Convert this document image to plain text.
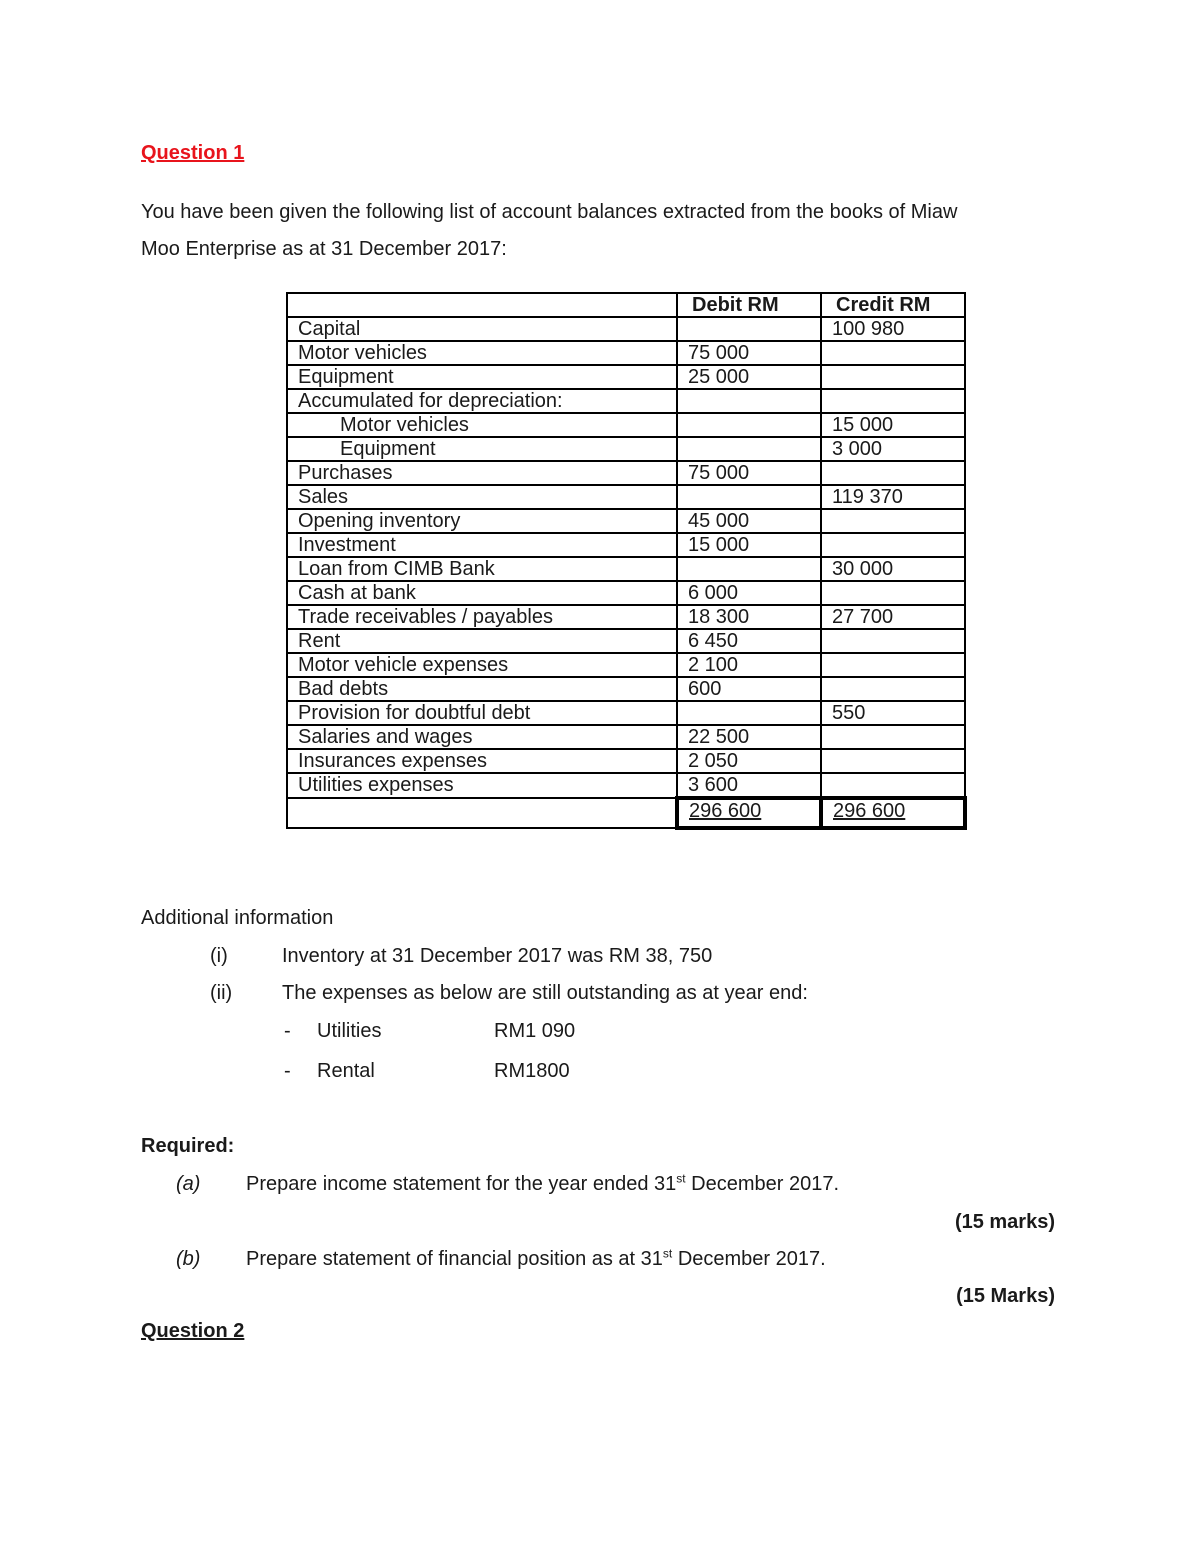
Question 1
You have been given the following list of account balances extracted from the books of Miaw
Moo Enterprise as at 31 December 2017:
	Debit RM	Credit RM
Capital		100 980
Motor vehicles	75 000	
Equipment	25 000	
Accumulated for depreciation:		
Motor vehicles		15 000
Equipment		3 000
Purchases	75 000	
Sales		119 370
Opening inventory	45 000	
Investment	15 000	
Loan from CIMB Bank		30 000
Cash at bank	6 000	
Trade receivables / payables	18 300	27 700
Rent	6 450	
Motor vehicle expenses	2 100	
Bad debts	600	
Provision for doubtful debt		550
Salaries and wages	22 500	
Insurances expenses	2 050	
Utilities expenses	3 600	
	296 600	296 600
Additional information
(i)	Inventory at 31 December 2017 was RM 38, 750
(ii) The expenses as below are still outstanding as at year end:
- Utilities	RM1 090
- Rental	RM1800
Required:
(a) Prepare income statement for the year ended 31st December 2017.
(15 marks)
(b) Prepare statement of financial position as at 31st December 2017.
(15 Marks)
Question 2
